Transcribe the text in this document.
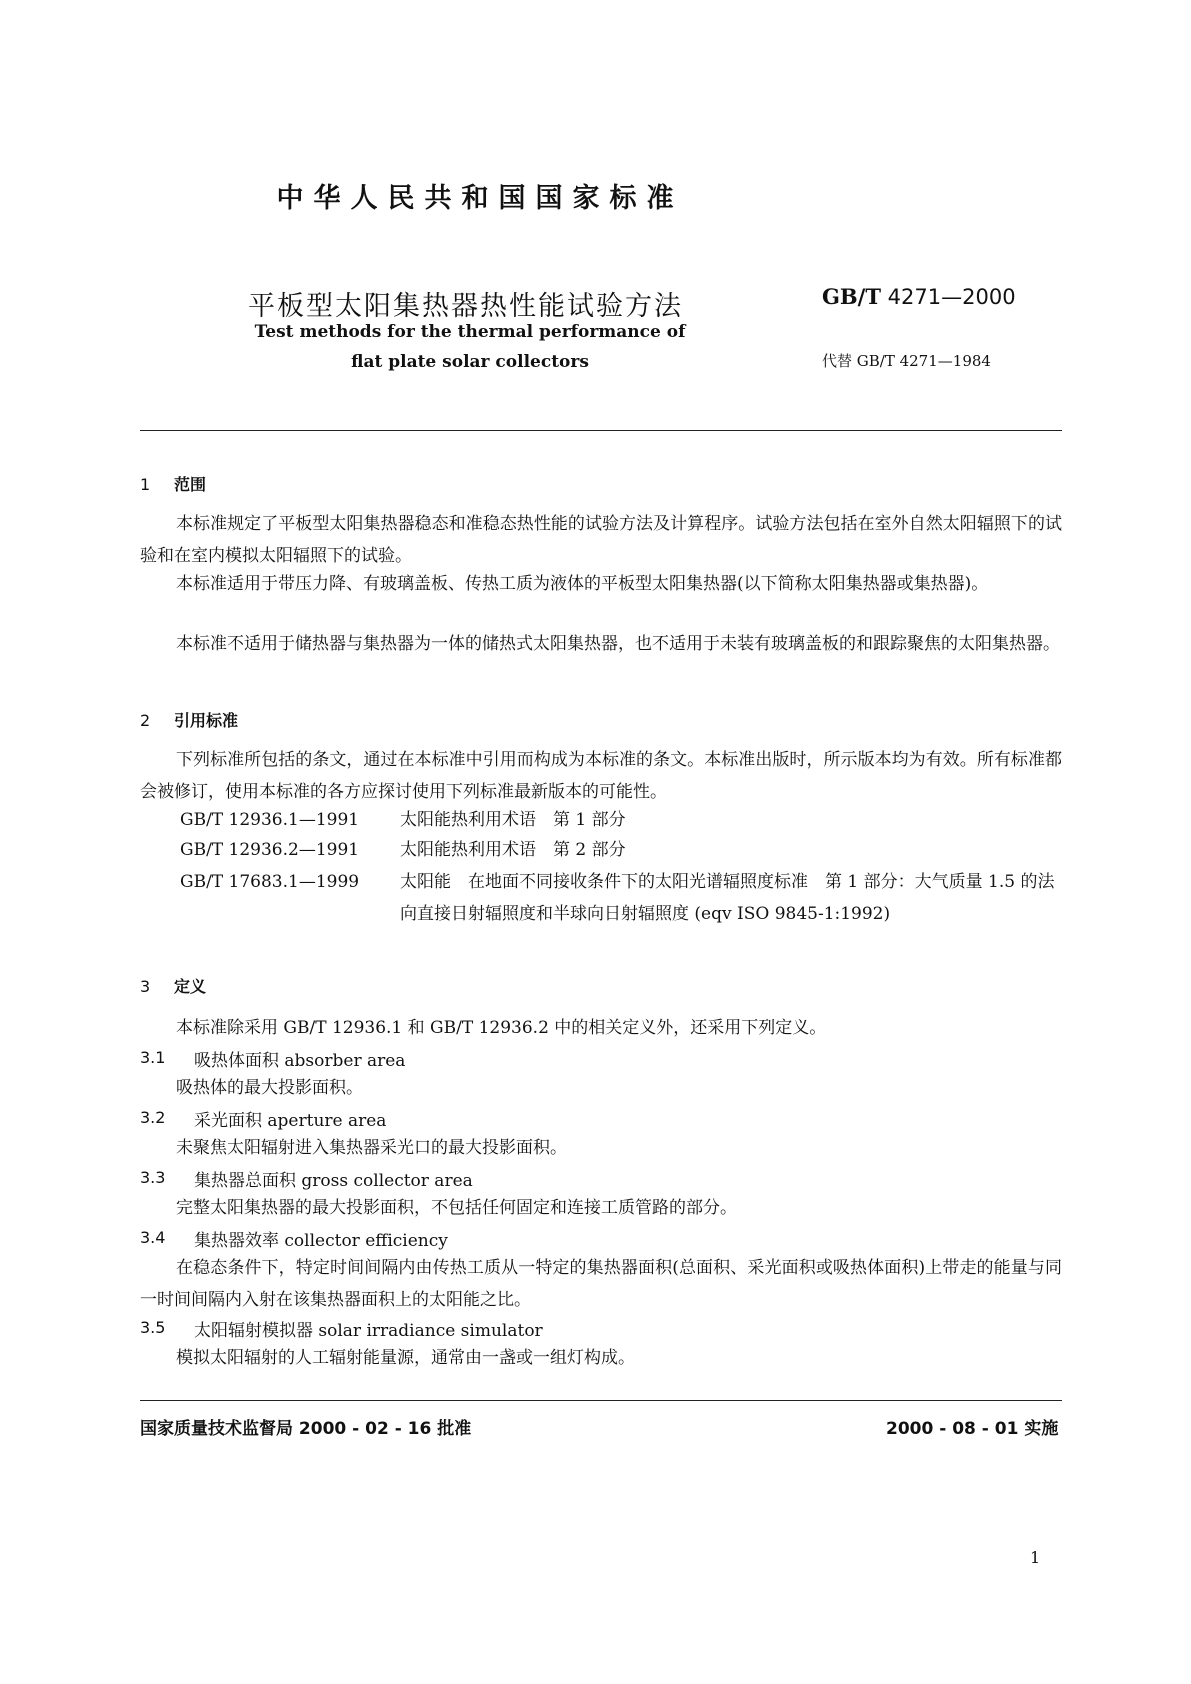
中华人民共和国国家标准
平板型太阳集热器热性能试验方法	GB/T 4271—2000
Test methods for the thermal performance of
flat plate solar collectors	代替 GB/T 4271—1984
1 范围
本标准规定了平板型太阳集热器稳态和准稳态热性能的试验方法及计算程序。试验方法包括在室外自然太阳辐照下的试验和在室内模拟太阳辐照下的试验。
本标准适用于带压力降、有玻璃盖板、传热工质为液体的平板型太阳集热器(以下简称太阳集热器或集热器)。
本标准不适用于储热器与集热器为一体的储热式太阳集热器，也不适用于未装有玻璃盖板的和跟踪聚焦的太阳集热器。
2 引用标准
下列标准所包括的条文，通过在本标准中引用而构成为本标准的条文。本标准出版时，所示版本均为有效。所有标准都会被修订，使用本标准的各方应探讨使用下列标准最新版本的可能性。
GB/T 12936.1—1991 太阳能热利用术语　第 1 部分
GB/T 12936.2—1991 太阳能热利用术语　第 2 部分
GB/T 17683.1—1999 太阳能　在地面不同接收条件下的太阳光谱辐照度标准　第 1 部分：大气质量 1.5 的法向直接日射辐照度和半球向日射辐照度 (eqv ISO 9845-1:1992)
3 定义
本标准除采用 GB/T 12936.1 和 GB/T 12936.2 中的相关定义外，还采用下列定义。
3.1 吸热体面积 absorber area
吸热体的最大投影面积。
3.2 采光面积 aperture area
未聚焦太阳辐射进入集热器采光口的最大投影面积。
3.3 集热器总面积 gross collector area
完整太阳集热器的最大投影面积，不包括任何固定和连接工质管路的部分。
3.4 集热器效率 collector efficiency
在稳态条件下，特定时间间隔内由传热工质从一特定的集热器面积(总面积、采光面积或吸热体面积)上带走的能量与同一时间间隔内入射在该集热器面积上的太阳能之比。
3.5 太阳辐射模拟器 solar irradiance simulator
模拟太阳辐射的人工辐射能量源，通常由一盏或一组灯构成。
国家质量技术监督局 2000 - 02 - 16 批准	2000 - 08 - 01 实施
1
